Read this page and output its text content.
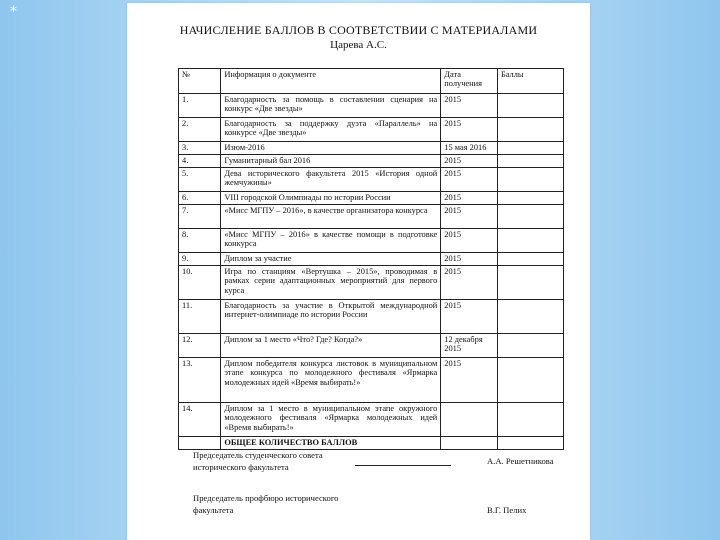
*
НАЧИСЛЕНИЕ БАЛЛОВ В СООТВЕТСТВИИ С МАТЕРИАЛАМИ
Царева А.С.
№	Информация о документе	Дата получения	Баллы
1.	Благодарность за помощь в составлении сценария на конкурс «Две звезды»	2015	
2.	Благодарность за поддержку дуэта «Параллель» на конкурсе «Две звезды»	2015	
3.	Изюм-2016	15 мая 2016	
4.	Гуманитарный бал 2016	2015	
5.	Дева исторического факультета 2015 «История одной жемчужины»	2015	
6.	VIII городской Олимпиады по истории России	2015	
7.	«Мисс МГПУ – 2016», в качестве организатора конкурса	2015	
8.	«Мисс МГПУ – 2016» в качестве помощи в подготовке конкурса	2015	
9.	Диплом за участие	2015	
10.	Игра по станциям «Вертушка – 2015», проводимая в рамках серии адаптационных мероприятий для первого курса	2015	
11.	Благодарность за участие в Открытой международной интернет-олимпиаде по истории России	2015	
12.	Диплом за 1 место «Что? Где? Когда?»	12 декабря 2015	
13.	Диплом победителя конкурса листовок в муниципальном этапе конкурса по молодежного фестиваля «Ярмарка молодежных идей «Время выбирать!»	2015	
14.	Диплом за 1 место в муниципальном этапе окружного молодежного фестиваля «Ярмарка молодежных идей «Время выбирать!»		
	ОБЩЕЕ КОЛИЧЕСТВО БАЛЛОВ		
Председатель студенческого совета исторического факультета
А.А. Решетникова
Председатель профбюро исторического факультета	В.Г. Пелих
